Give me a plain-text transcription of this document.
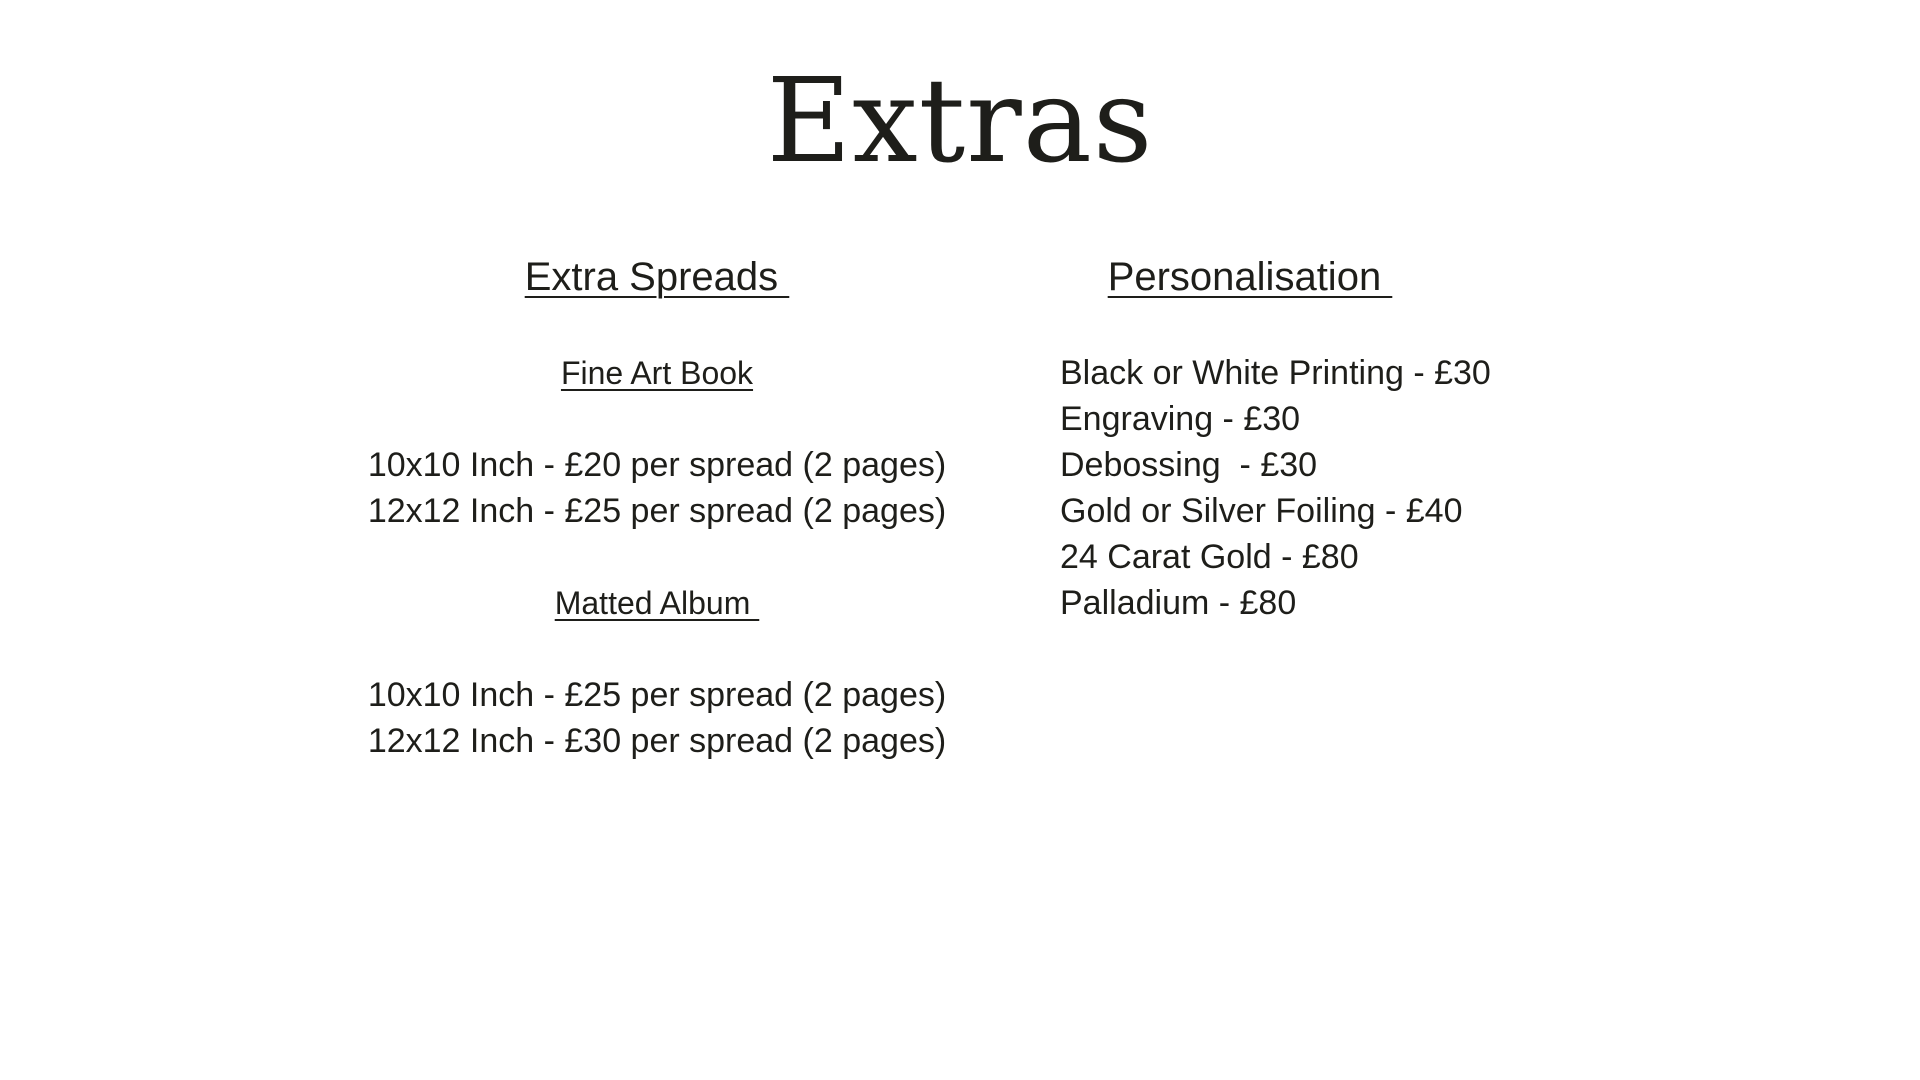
Extras
Extra Spreads
Fine Art Book
10x10 Inch - £20 per spread (2 pages)
12x12 Inch - £25 per spread (2 pages)
Matted Album
10x10 Inch - £25 per spread (2 pages)
12x12 Inch - £30 per spread (2 pages)
Personalisation
Black or White Printing - £30
Engraving - £30
Debossing  - £30
Gold or Silver Foiling - £40
24 Carat Gold - £80
Palladium - £80
